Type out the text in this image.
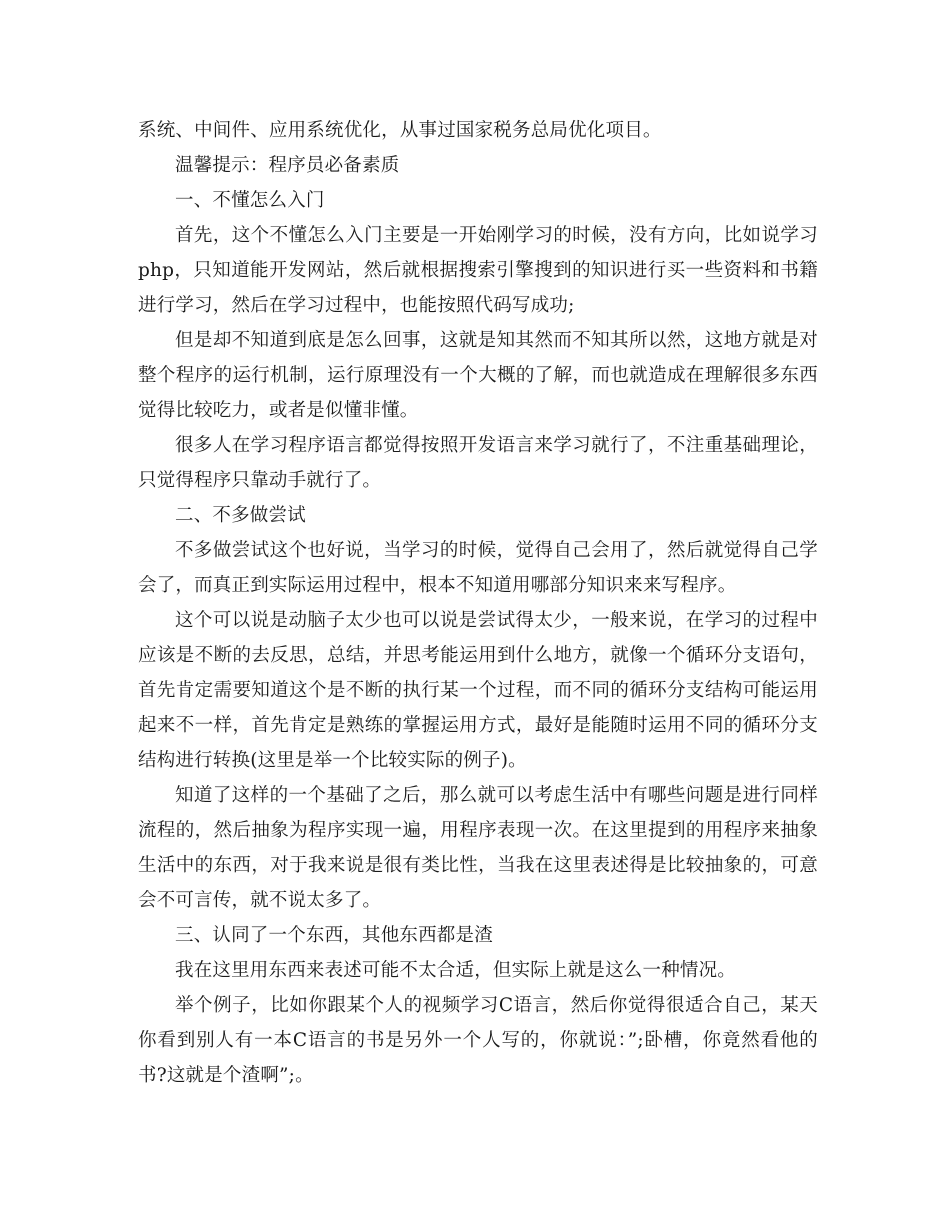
系统、中间件、应用系统优化，从事过国家税务总局优化项目。

温馨提示：程序员必备素质

一、不懂怎么入门

首先，这个不懂怎么入门主要是一开始刚学习的时候，没有方向，比如说学习php，只知道能开发网站，然后就根据搜索引擎搜到的知识进行买一些资料和书籍进行学习，然后在学习过程中，也能按照代码写成功;

但是却不知道到底是怎么回事，这就是知其然而不知其所以然，这地方就是对整个程序的运行机制，运行原理没有一个大概的了解，而也就造成在理解很多东西觉得比较吃力，或者是似懂非懂。

很多人在学习程序语言都觉得按照开发语言来学习就行了，不注重基础理论，只觉得程序只靠动手就行了。

二、不多做尝试

不多做尝试这个也好说，当学习的时候，觉得自己会用了，然后就觉得自己学会了，而真正到实际运用过程中，根本不知道用哪部分知识来来写程序。

这个可以说是动脑子太少也可以说是尝试得太少，一般来说，在学习的过程中应该是不断的去反思，总结，并思考能运用到什么地方，就像一个循环分支语句，首先肯定需要知道这个是不断的执行某一个过程，而不同的循环分支结构可能运用起来不一样，首先肯定是熟练的掌握运用方式，最好是能随时运用不同的循环分支结构进行转换(这里是举一个比较实际的例子)。

知道了这样的一个基础了之后，那么就可以考虑生活中有哪些问题是进行同样流程的，然后抽象为程序实现一遍，用程序表现一次。在这里提到的用程序来抽象生活中的东西，对于我来说是很有类比性，当我在这里表述得是比较抽象的，可意会不可言传，就不说太多了。

三、认同了一个东西，其他东西都是渣

我在这里用东西来表述可能不太合适，但实际上就是这么一种情况。

举个例子，比如你跟某个人的视频学习C语言，然后你觉得很适合自己，某天你看到别人有一本C语言的书是另外一个人写的，你就说：”;卧槽，你竟然看他的书?这就是个渣啊”;。
